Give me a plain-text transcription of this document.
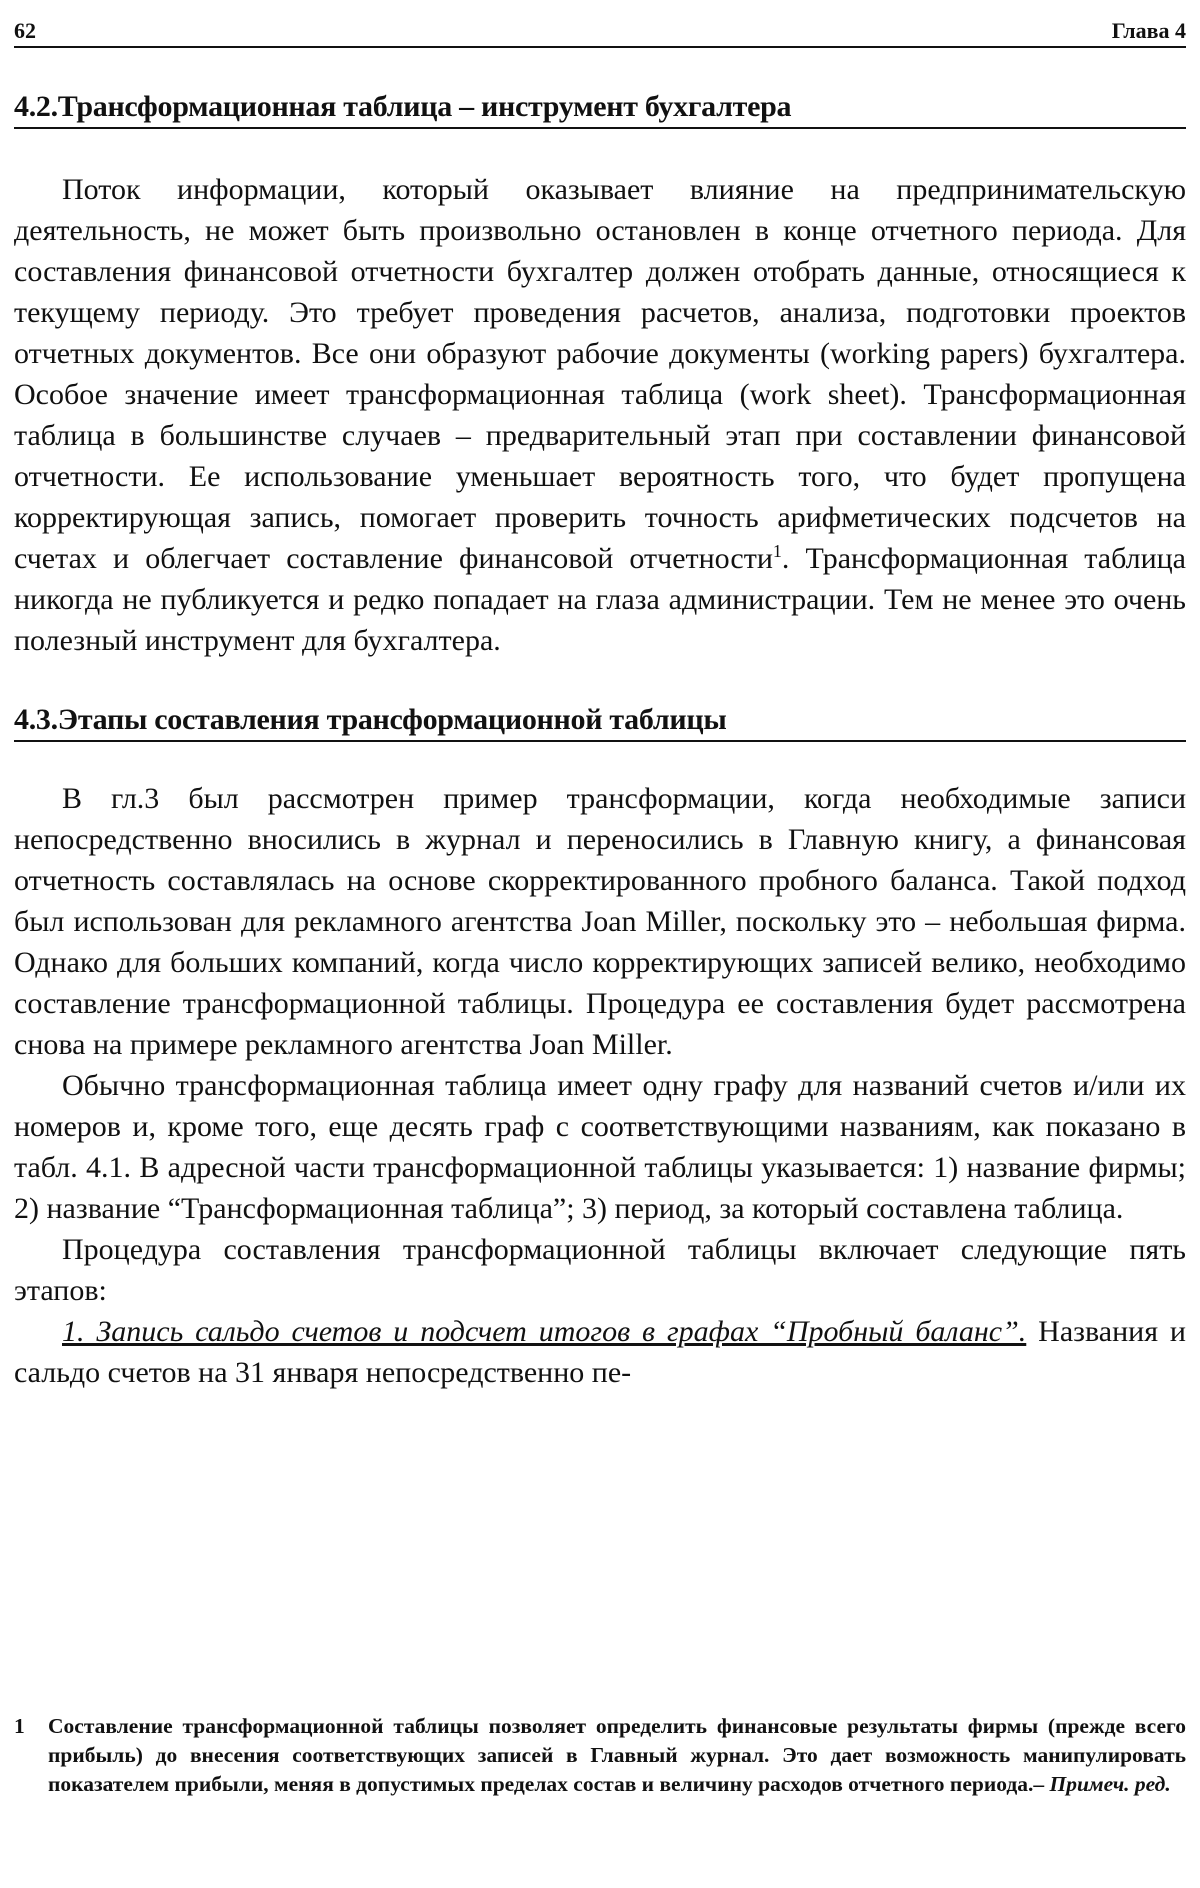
62	Глава 4
4.2.Трансформационная таблица – инструмент бухгалтера

Поток информации, который оказывает влияние на предпринимательскую деятельность, не может быть произвольно остановлен в конце отчетного периода. Для составления финансовой отчетности бухгалтер должен отобрать данные, относящиеся к текущему периоду. Это требует проведения расчетов, анализа, подготовки проектов отчетных документов. Все они образуют рабочие документы (working papers) бухгалтера. Особое значение имеет трансформационная таблица (work sheet). Трансформационная таблица в большинстве случаев – предварительный этап при составлении финансовой отчетности. Ее использование уменьшает вероятность того, что будет пропущена корректирующая запись, помогает проверить точность арифметических подсчетов на счетах и облегчает составление финансовой отчетности$^1$. Трансформационная таблица никогда не публикуется и редко попадает на глаза администрации. Тем не менее это очень полезный инструмент для бухгалтера.

4.3.Этапы составления трансформационной таблицы

В гл.3 был рассмотрен пример трансформации, когда необходимые записи непосредственно вносились в журнал и переносились в Главную книгу, а финансовая отчетность составлялась на основе скорректированного пробного баланса. Такой подход был использован для рекламного агентства Joan Miller, поскольку это – небольшая фирма. Однако для больших компаний, когда число корректирующих записей велико, необходимо составление трансформационной таблицы. Процедура ее составления будет рассмотрена снова на примере рекламного агентства Joan Miller.

Обычно трансформационная таблица имеет одну графу для названий счетов и/или их номеров и, кроме того, еще десять граф с соответствующими названиям, как показано в табл. 4.1. В адресной части трансформационной таблицы указывается: 1) название фирмы; 2) название “Трансформационная таблица”; 3) период, за который составлена таблица.

Процедура составления трансформационной таблицы включает следующие пять этапов:

1. Запись сальдо счетов и подсчет итогов в графах “Пробный баланс”. Названия и сальдо счетов на 31 января непосредственно пе-

1 Составление трансформационной таблицы позволяет определить финансовые результаты фирмы (прежде всего прибыль) до внесения соответствующих записей в Главный журнал. Это дает возможность манипулировать показателем прибыли, меняя в допустимых пределах состав и величину расходов отчетного периода.– Примеч. ред.
